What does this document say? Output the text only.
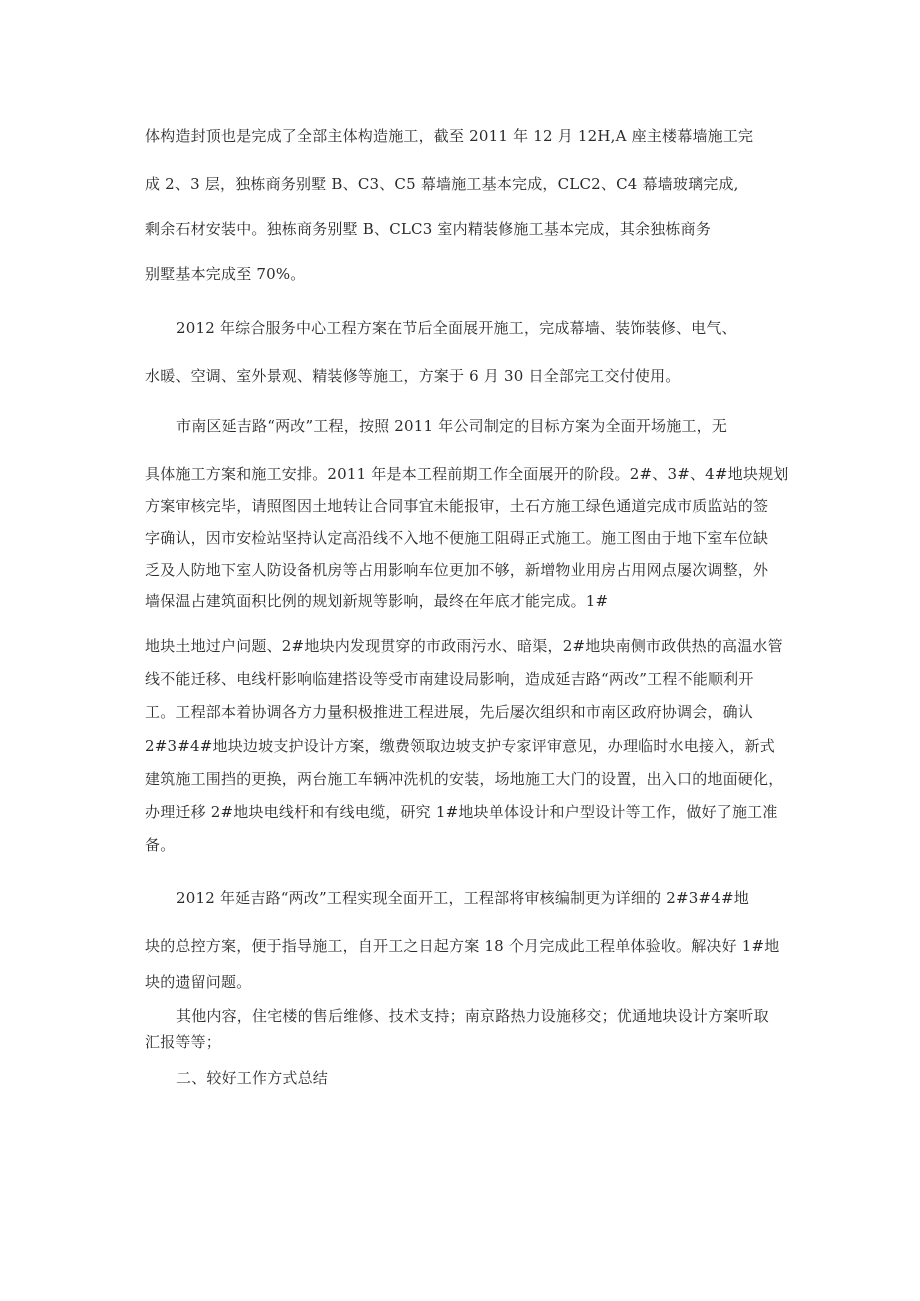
体构造封顶也是完成了全部主体构造施工，截至 2011 年 12 月 12H,A 座主楼幕墙施工完

成 2、3 层，独栋商务别墅 B、C3、C5 幕墙施工基本完成，CLC2、C4 幕墙玻璃完成,

剩余石材安装中。独栋商务别墅 B、CLC3 室内精装修施工基本完成，其余独栋商务

别墅基本完成至 70%。

2012 年综合服务中心工程方案在节后全面展开施工，完成幕墙、装饰装修、电气、

水暖、空调、室外景观、精装修等施工，方案于 6 月 30 日全部完工交付使用。

市南区延吉路“两改”工程，按照 2011 年公司制定的目标方案为全面开场施工，无

具体施工方案和施工安排。2011 年是本工程前期工作全面展开的阶段。2#、3#、4#地块规划

方案审核完毕，请照图因土地转让合同事宜未能报审，土石方施工绿色通道完成市质监站的签

字确认，因市安检站坚持认定高沿线不入地不便施工阻碍正式施工。施工图由于地下室车位缺

乏及人防地下室人防设备机房等占用影响车位更加不够，新增物业用房占用网点屡次调整，外

墙保温占建筑面积比例的规划新规等影响，最终在年底才能完成。1#

地块土地过户问题、2#地块内发现贯穿的市政雨污水、暗渠，2#地块南侧市政供热的高温水管

线不能迁移、电线杆影响临建搭设等受市南建设局影响，造成延吉路“两改”工程不能顺利开

工。工程部本着协调各方力量积极推进工程进展，先后屡次组织和市南区政府协调会，确认

2#3#4#地块边坡支护设计方案，缴费领取边坡支护专家评审意见，办理临时水电接入，新式

建筑施工围挡的更换，两台施工车辆冲洗机的安装，场地施工大门的设置，出入口的地面硬化，

办理迁移 2#地块电线杆和有线电缆，研究 1#地块单体设计和户型设计等工作，做好了施工准

备。

2012 年延吉路“两改”工程实现全面开工，工程部将审核编制更为详细的 2#3#4#地

块的总控方案，便于指导施工，自开工之日起方案 18 个月完成此工程单体验收。解决好 1#地

块的遗留问题。

其他内容，住宅楼的售后维修、技术支持；南京路热力设施移交；优通地块设计方案听取

汇报等等；

二、较好工作方式总结
